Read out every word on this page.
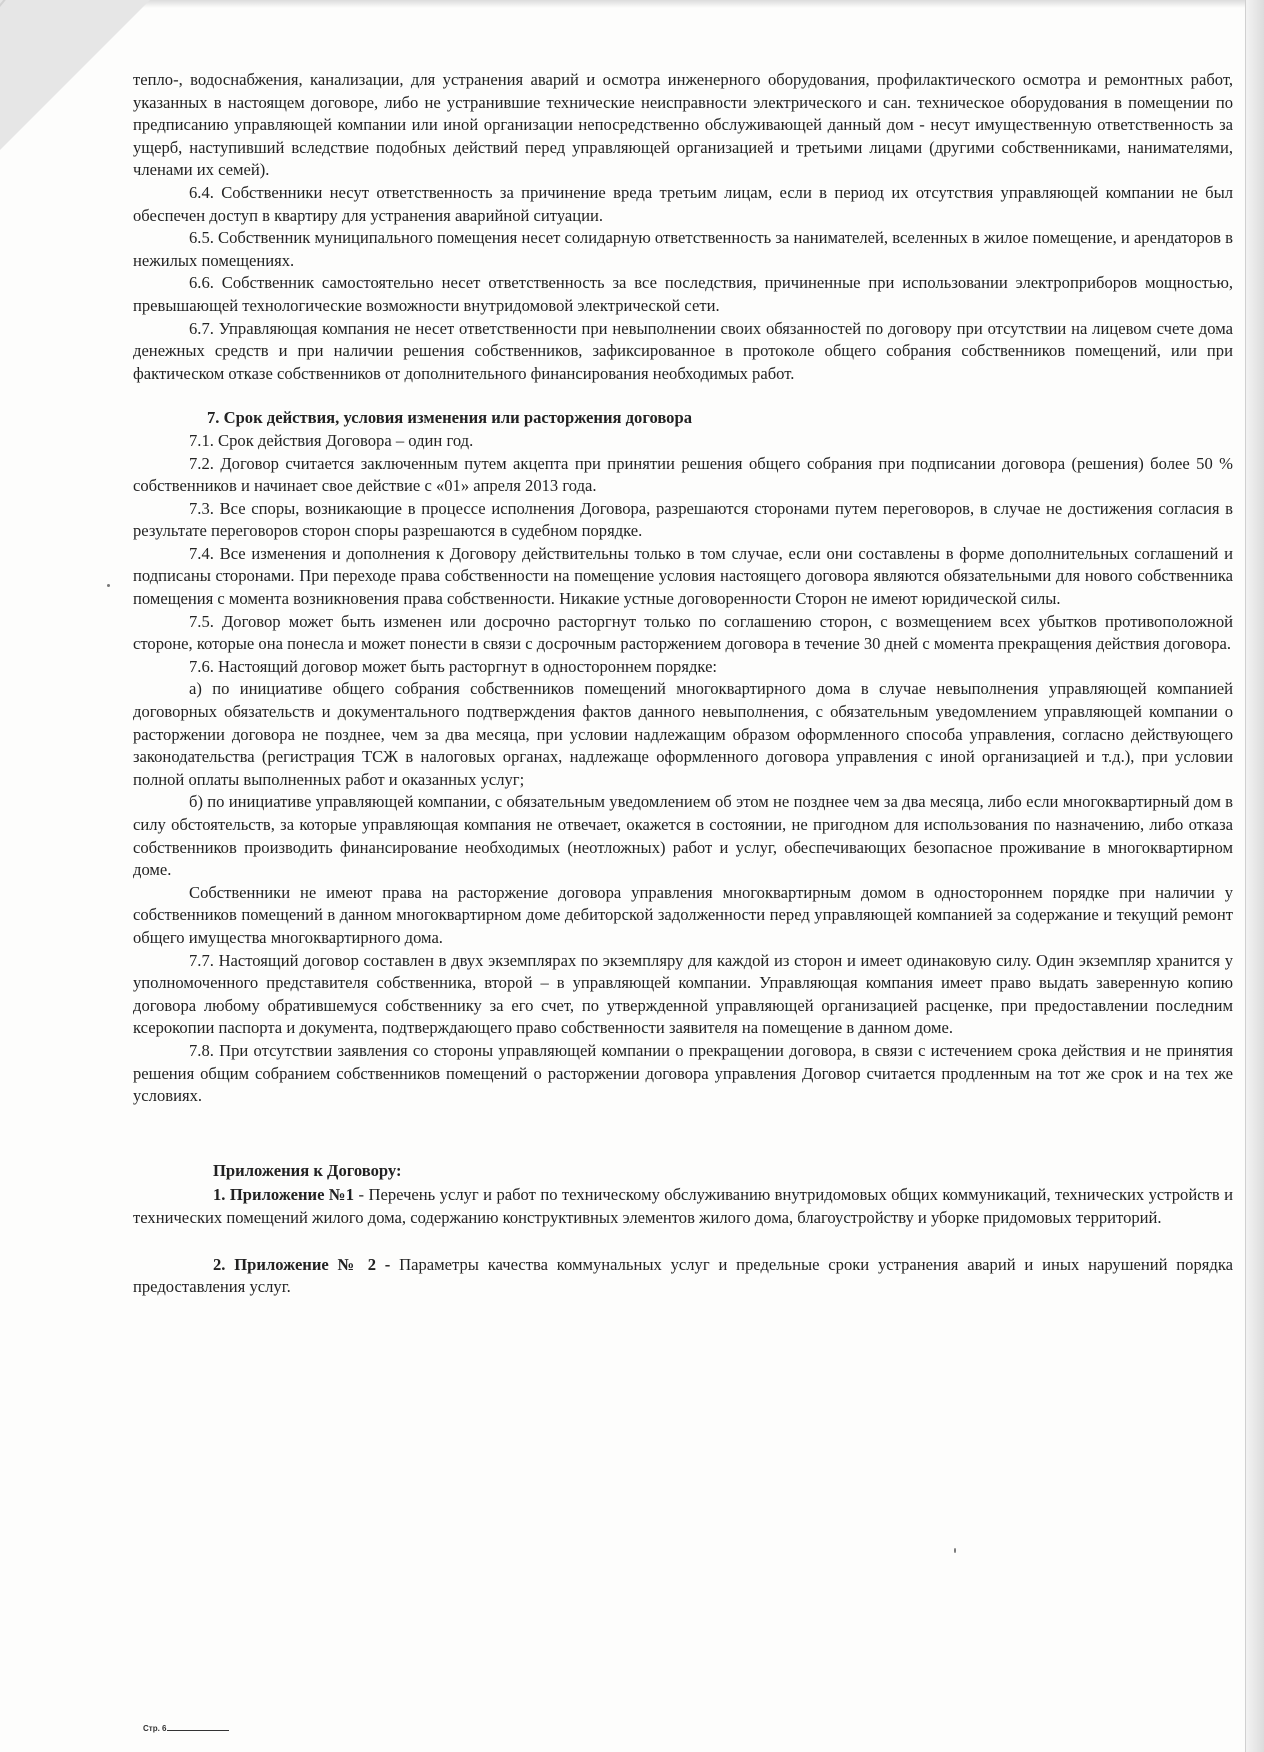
тепло-, водоснабжения, канализации, для устранения аварий и осмотра инженерного оборудования, профилактического осмотра и ремонтных работ, указанных в настоящем договоре, либо не устранившие технические неисправности электрического и сан. техническое оборудования в помещении по предписанию управляющей компании или иной организации непосредственно обслуживающей данный дом - несут имущественную ответственность за ущерб, наступивший вследствие подобных действий перед управляющей организацией и третьими лицами (другими собственниками, нанимателями, членами их семей).

6.4. Собственники несут ответственность за причинение вреда третьим лицам, если в период их отсутствия управляющей компании не был обеспечен доступ в квартиру для устранения аварийной ситуации.

6.5. Собственник муниципального помещения несет солидарную ответственность за нанимателей, вселенных в жилое помещение, и арендаторов в нежилых помещениях.

6.6. Собственник самостоятельно несет ответственность за все последствия, причиненные при использовании электроприборов мощностью, превышающей технологические возможности внутридомовой электрической сети.

6.7. Управляющая компания не несет ответственности при невыполнении своих обязанностей по договору при отсутствии на лицевом счете дома денежных средств и при наличии решения собственников, зафиксированное в протоколе общего собрания собственников помещений, или при фактическом отказе собственников от дополнительного финансирования необходимых работ.

7. Срок действия, условия изменения или расторжения договора

7.1. Срок действия Договора – один год.

7.2. Договор считается заключенным путем акцепта при принятии решения общего собрания при подписании договора (решения) более 50 % собственников и начинает свое действие с «01» апреля 2013 года.

7.3. Все споры, возникающие в процессе исполнения Договора, разрешаются сторонами путем переговоров, в случае не достижения согласия в результате переговоров сторон споры разрешаются в судебном порядке.

7.4. Все изменения и дополнения к Договору действительны только в том случае, если они составлены в форме дополнительных соглашений и подписаны сторонами. При переходе права собственности на помещение условия настоящего договора являются обязательными для нового собственника помещения с момента возникновения права собственности. Никакие устные договоренности Сторон не имеют юридической силы.

7.5. Договор может быть изменен или досрочно расторгнут только по соглашению сторон, с возмещением всех убытков противоположной стороне, которые она понесла и может понести в связи с досрочным расторжением договора в течение 30 дней с момента прекращения действия договора.

7.6. Настоящий договор может быть расторгнут в одностороннем порядке:

а) по инициативе общего собрания собственников помещений многоквартирного дома в случае невыполнения управляющей компанией договорных обязательств и документального подтверждения фактов данного невыполнения, с обязательным уведомлением управляющей компании о расторжении договора не позднее, чем за два месяца, при условии надлежащим образом оформленного способа управления, согласно действующего законодательства (регистрация ТСЖ в налоговых органах, надлежаще оформленного договора управления с иной организацией и т.д.), при условии полной оплаты выполненных работ и оказанных услуг;

б) по инициативе управляющей компании, с обязательным уведомлением об этом не позднее чем за два месяца, либо если многоквартирный дом в силу обстоятельств, за которые управляющая компания не отвечает, окажется в состоянии, не пригодном для использования по назначению, либо отказа собственников производить финансирование необходимых (неотложных) работ и услуг, обеспечивающих безопасное проживание в многоквартирном доме.

Собственники не имеют права на расторжение договора управления многоквартирным домом в одностороннем порядке при наличии у собственников помещений в данном многоквартирном доме дебиторской задолженности перед управляющей компанией за содержание и текущий ремонт общего имущества многоквартирного дома.

7.7. Настоящий договор составлен в двух экземплярах по экземпляру для каждой из сторон и имеет одинаковую силу. Один экземпляр хранится у уполномоченного представителя собственника, второй – в управляющей компании. Управляющая компания имеет право выдать заверенную копию договора любому обратившемуся собственнику за его счет, по утвержденной управляющей организацией расценке, при предоставлении последним ксерокопии паспорта и документа, подтверждающего право собственности заявителя на помещение в данном доме.

7.8. При отсутствии заявления со стороны управляющей компании о прекращении договора, в связи с истечением срока действия и не принятия решения общим собранием собственников помещений о расторжении договора управления Договор считается продленным на тот же срок и на тех же условиях.

Приложения к Договору:

1. Приложение №1 - Перечень услуг и работ по техническому обслуживанию внутридомовых общих коммуникаций, технических устройств и технических помещений жилого дома, содержанию конструктивных элементов жилого дома, благоустройству и уборке придомовых территорий.

2. Приложение № 2 - Параметры качества коммунальных услуг и предельные сроки устранения аварий и иных нарушений порядка предоставления услуг.

Стр. 6
